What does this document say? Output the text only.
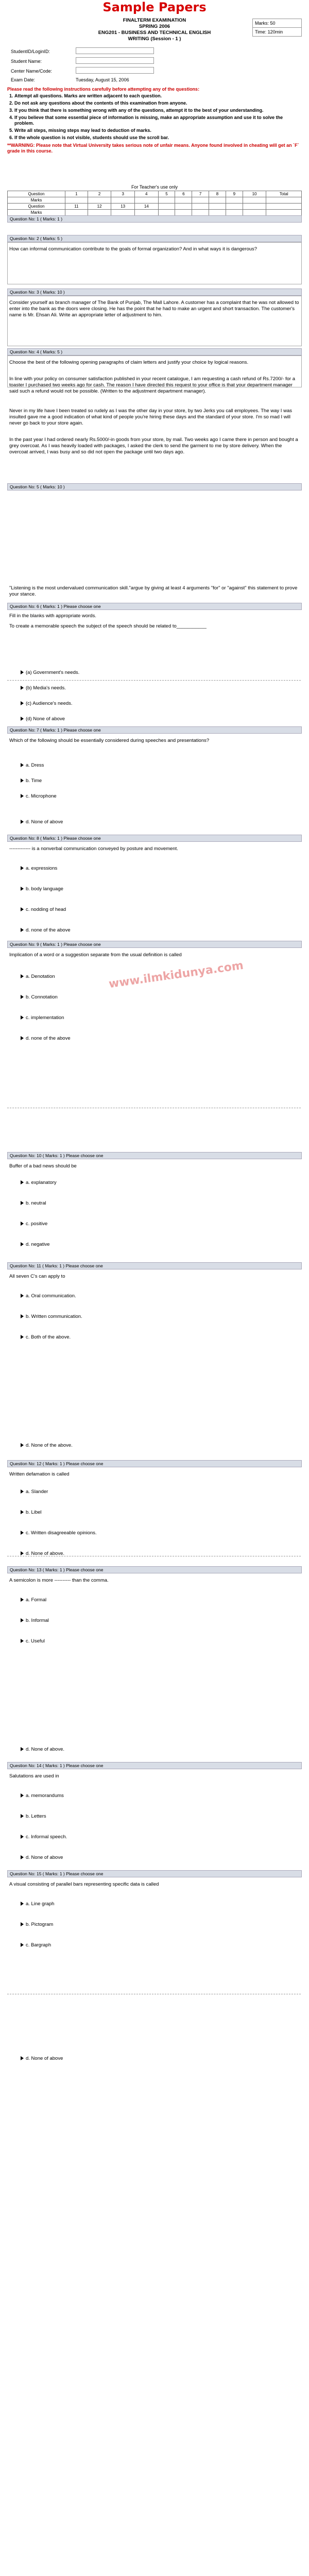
Sample Papers
FINALTERM EXAMINATION
SPRING 2006
ENG201 - BUSINESS AND TECHNICAL ENGLISH
WRITING (Session - 1 )
Marks: 50
Time: 120min
StudentID/LoginID:	
Student Name:	
Center Name/Code:	
Exam Date:	Tuesday, August 15, 2006
Please read the following instructions carefully before attempting any of the questions:
1. Attempt all questions. Marks are written adjacent to each question.
2. Do not ask any questions about the contents of this examination from anyone.
3. If you think that there is something wrong with any of the questions, attempt it to the best of your understanding.
4. If you believe that some essential piece of information is missing, make an appropriate assumption and use it to solve the problem.
5. Write all steps, missing steps may lead to deduction of marks.
6. If the whole question is not visible, students should use the scroll bar.
**WARNING: Please note that Virtual University takes serious note of unfair means. Anyone found involved in cheating will get an `F` grade in this course.
For Teacher's use only
Question	1	2	3	4	5	6	7	8	9	10	Total
Marks											
Question	11	12	13	14							
Marks											
www.ilmkidunya.com
Question No: 1 ( Marks: 1 )
Question No: 2 ( Marks: 5 )
How can informal communication contribute to the goals of formal organization? And in what ways it is dangerous?
Question No: 3 ( Marks: 10 )
Consider yourself as branch manager of The Bank of Punjab, The Mall Lahore. A customer has a complaint that he was not allowed to enter into the bank as the doors were closing. He has the point that he had to make an urgent and short transaction. The customer's name is Mr. Ehsan Ali. Write an appropriate letter of adjustment to him.
Question No: 4 ( Marks: 5 )
Choose the best of the following opening paragraphs of claim letters and justify your choice by logical reasons.
In line with your policy on consumer satisfaction published in your recent catalogue, I am requesting a cash refund of Rs.7200/- for a toaster I purchased two weeks ago for cash. The reason I have directed this request to your office is that your department manager said such a refund would not be possible. (Written to the adjustment department manager).
Never in my life have I been treated so rudely as I was the other day in your store, by two Jerks you call employees. The way I was insulted gave me a good indication of what kind of people you're hiring these days and the standard of your store. I'm so mad I will never go back to your store again.
In the past year I had ordered nearly Rs.5000/-in goods from your store, by mail. Two weeks ago I came there in person and bought a grey overcoat. As I was heavily loaded with packages, I asked the clerk to send the garment to me by store delivery. When the overcoat arrived, I was busy and so did not open the package until two days ago.
Question No: 5 ( Marks: 10 )
"Listening is the most undervalued communication skill."argue by giving at least 4 arguments "for" or "against" this statement to prove your stance.
Question No: 6 ( Marks: 1 ) Please choose one
Fill in the blanks with appropriate words.
To create a memorable speech the subject of the speech should be related to___________
(a) Government's needs.
(b) Media's needs.
(c) Audience's needs.
(d) None of above
Question No: 7 ( Marks: 1 ) Please choose one
Which of the following should be essentially considered during speeches and presentations?
a. Dress
b. Time
c. Microphone
d. None of above
Question No: 8 ( Marks: 1 ) Please choose one
------------- is a nonverbal communication conveyed by posture and movement.
a. expressions
b. body language
c. nodding of head
d. none of the above
Question No: 9 ( Marks: 1 ) Please choose one
Implication of a word or a suggestion separate from the usual definition is called
a. Denotation
b. Connotation
c. implementation
d. none of the above
Question No: 10 ( Marks: 1 ) Please choose one
Buffer of a bad news should be
a. explanatory
b. neutral
c. positive
d. negative
Question No: 11 ( Marks: 1 ) Please choose one
All seven C's can apply to
a. Oral communication.
b. Written communication.
c. Both of the above.
d. None of the above.
Question No: 12 ( Marks: 1 ) Please choose one
Written defamation is called
a. Slander
b. Libel
c. Written disagreeable opinions.
d. None of above.
Question No: 13 ( Marks: 1 ) Please choose one
A semicolon is more ---------- than the comma.
a. Formal
b. Informal
c. Useful
d. None of above.
Question No: 14 ( Marks: 1 ) Please choose one
Salutations are used in
a. memorandums
b. Letters
c. Informal speech.
d. None of above
Question No: 15 ( Marks: 1 ) Please choose one
A visual consisting of parallel bars representing specific data is called
a. Line graph
b. Pictogram
c. Bargraph
d. None of above
